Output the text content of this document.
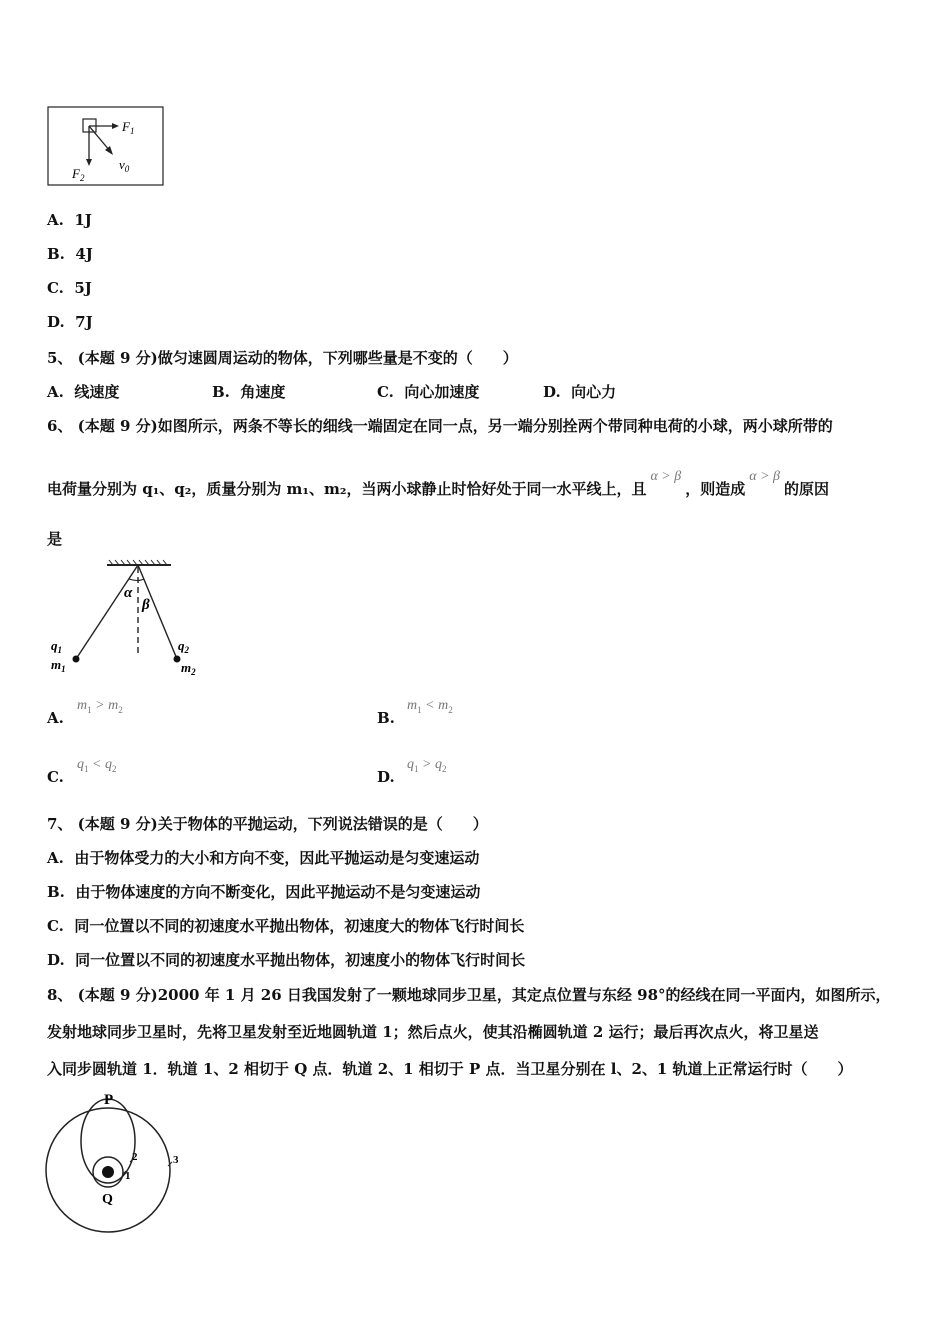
$F_1$
$F_2$
$v_0$
A. 1J
B. 4J
C. 5J
D. 7J
5、 (本题 9 分)做匀速圆周运动的物体，下列哪些量是不变的（　　）
A. 线速度	B. 角速度	C. 向心加速度	D. 向心力
6、 (本题 9 分)如图所示，两条不等长的细线一端固定在同一点，另一端分别拴两个带同种电荷的小球，两小球所带的
电荷量分别为 q₁、q₂，质量分别为 m₁、m₂，当两小球静止时恰好处于同一水平线上，且α > β，则造成α > β的原因
是
α
β
$q_1$
$m_1$
$q_2$
$m_2$
A.
$m_1 > m_2$	B.
$m_1 < m_2$
C.
$q_1 < q_2$	D.
$q_1 > q_2$
7、 (本题 9 分)关于物体的平抛运动，下列说法错误的是（　　）
A. 由于物体受力的大小和方向不变，因此平抛运动是匀变速运动
B. 由于物体速度的方向不断变化，因此平抛运动不是匀变速运动
C. 同一位置以不同的初速度水平抛出物体，初速度大的物体飞行时间长
D. 同一位置以不同的初速度水平抛出物体，初速度小的物体飞行时间长
8、 (本题 9 分)2000 年 1 月 26 日我国发射了一颗地球同步卫星，其定点位置与东经 98°的经线在同一平面内，如图所示，
发射地球同步卫星时，先将卫星发射至近地圆轨道 1；然后点火，使其沿椭圆轨道 2 运行；最后再次点火，将卫星送
入同步圆轨道 1．轨道 1、2 相切于 Q 点．轨道 2、1 相切于 P 点．当卫星分别在 l、2、1 轨道上正常运行时（　　）
P
Q
1
2	3
